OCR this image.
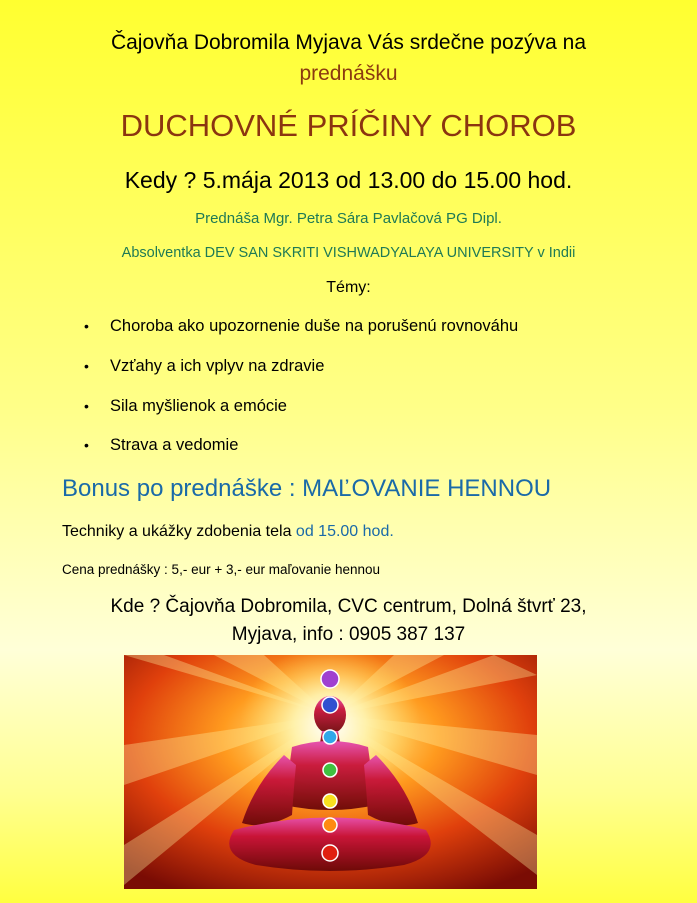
Čajovňa Dobromila Myjava Vás srdečne pozýva na
prednášku
DUCHOVNÉ PRÍČINY CHOROB
Kedy ? 5.mája 2013 od 13.00 do 15.00 hod.
Prednáša Mgr. Petra Sára Pavlačová PG Dipl.
Absolventka DEV SAN SKRITI VISHWADYALAYA UNIVERSITY v Indii
Témy:
• Choroba ako upozornenie duše na porušenú rovnováhu
• Vzťahy a ich vplyv na zdravie
• Sila myšlienok a emócie
• Strava a vedomie
Bonus po prednáške : MAĽOVANIE HENNOU
Techniky a ukážky zdobenia tela od 15.00 hod.
Cena prednášky : 5,- eur + 3,- eur maľovanie hennou
Kde ? Čajovňa Dobromila, CVC centrum, Dolná štvrť 23,
Myjava, info : 0905 387 137
